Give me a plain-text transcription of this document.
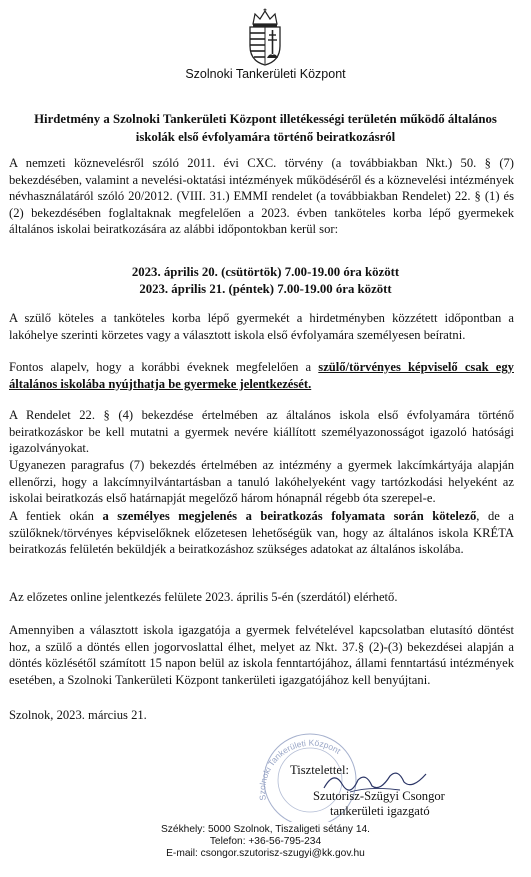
Szolnoki Tankerületi Központ
Hirdetmény a Szolnoki Tankerületi Központ illetékességi területén működő általános
iskolák első évfolyamára történő beiratkozásról

A nemzeti köznevelésről szóló 2011. évi CXC. törvény (a továbbiakban Nkt.) 50. § (7) bekezdésében, valamint a nevelési-oktatási intézmények működéséről és a köznevelési intézmények névhasználatáról szóló 20/2012. (VIII. 31.) EMMI rendelet (a továbbiakban Rendelet) 22. § (1) és (2) bekezdésében foglaltaknak megfelelően a 2023. évben tanköteles korba lépő gyermekek általános iskolai beiratkozására az alábbi időpontokban kerül sor:

2023. április 20. (csütörtök) 7.00-19.00 óra között
2023. április 21. (péntek) 7.00-19.00 óra között

A szülő köteles a tanköteles korba lépő gyermekét a hirdetményben közzétett időpontban a lakóhelye szerinti körzetes vagy a választott iskola első évfolyamára személyesen beíratni.

Fontos alapelv, hogy a korábbi éveknek megfelelően a szülő/törvényes képviselő csak egy általános iskolába nyújthatja be gyermeke jelentkezését.

A Rendelet 22. § (4) bekezdése értelmében az általános iskola első évfolyamára történő beiratkozáskor be kell mutatni a gyermek nevére kiállított személyazonosságot igazoló hatósági igazolványokat.

Ugyanezen paragrafus (7) bekezdés értelmében az intézmény a gyermek lakcímkártyája alapján ellenőrzi, hogy a lakcímnyilvántartásban a tanuló lakóhelyeként vagy tartózkodási helyeként az iskolai beiratkozás első határnapját megelőző három hónapnál régebb óta szerepel-e.

A fentiek okán a személyes megjelenés a beiratkozás folyamata során kötelező, de a szülőknek/törvényes képviselőknek előzetesen lehetőségük van, hogy az általános iskola KRÉTA beiratkozás felületén beküldjék a beiratkozáshoz szükséges adatokat az általános iskolába.

Az előzetes online jelentkezés felülete 2023. április 5-én (szerdától) elérhető.

Amennyiben a választott iskola igazgatója a gyermek felvételével kapcsolatban elutasító döntést hoz, a szülő a döntés ellen jogorvoslattal élhet, melyet az Nkt. 37.§ (2)-(3) bekezdései alapján a döntés közlésétől számított 15 napon belül az iskola fenntartójához, állami fenntartású intézmények esetében, a Szolnoki Tankerületi Központ tankerületi igazgatójához kell benyújtani.

Szolnok, 2023. március 21.
Szolnoki Tankerületi Központ
Tisztelettel:
Szutorisz-Szügyi Csongor
tankerületi igazgató
Székhely: 5000 Szolnok, Tiszaligeti sétány 14.
Telefon: +36-56-795-234
E-mail: csongor.szutorisz-szugyi@kk.gov.hu
